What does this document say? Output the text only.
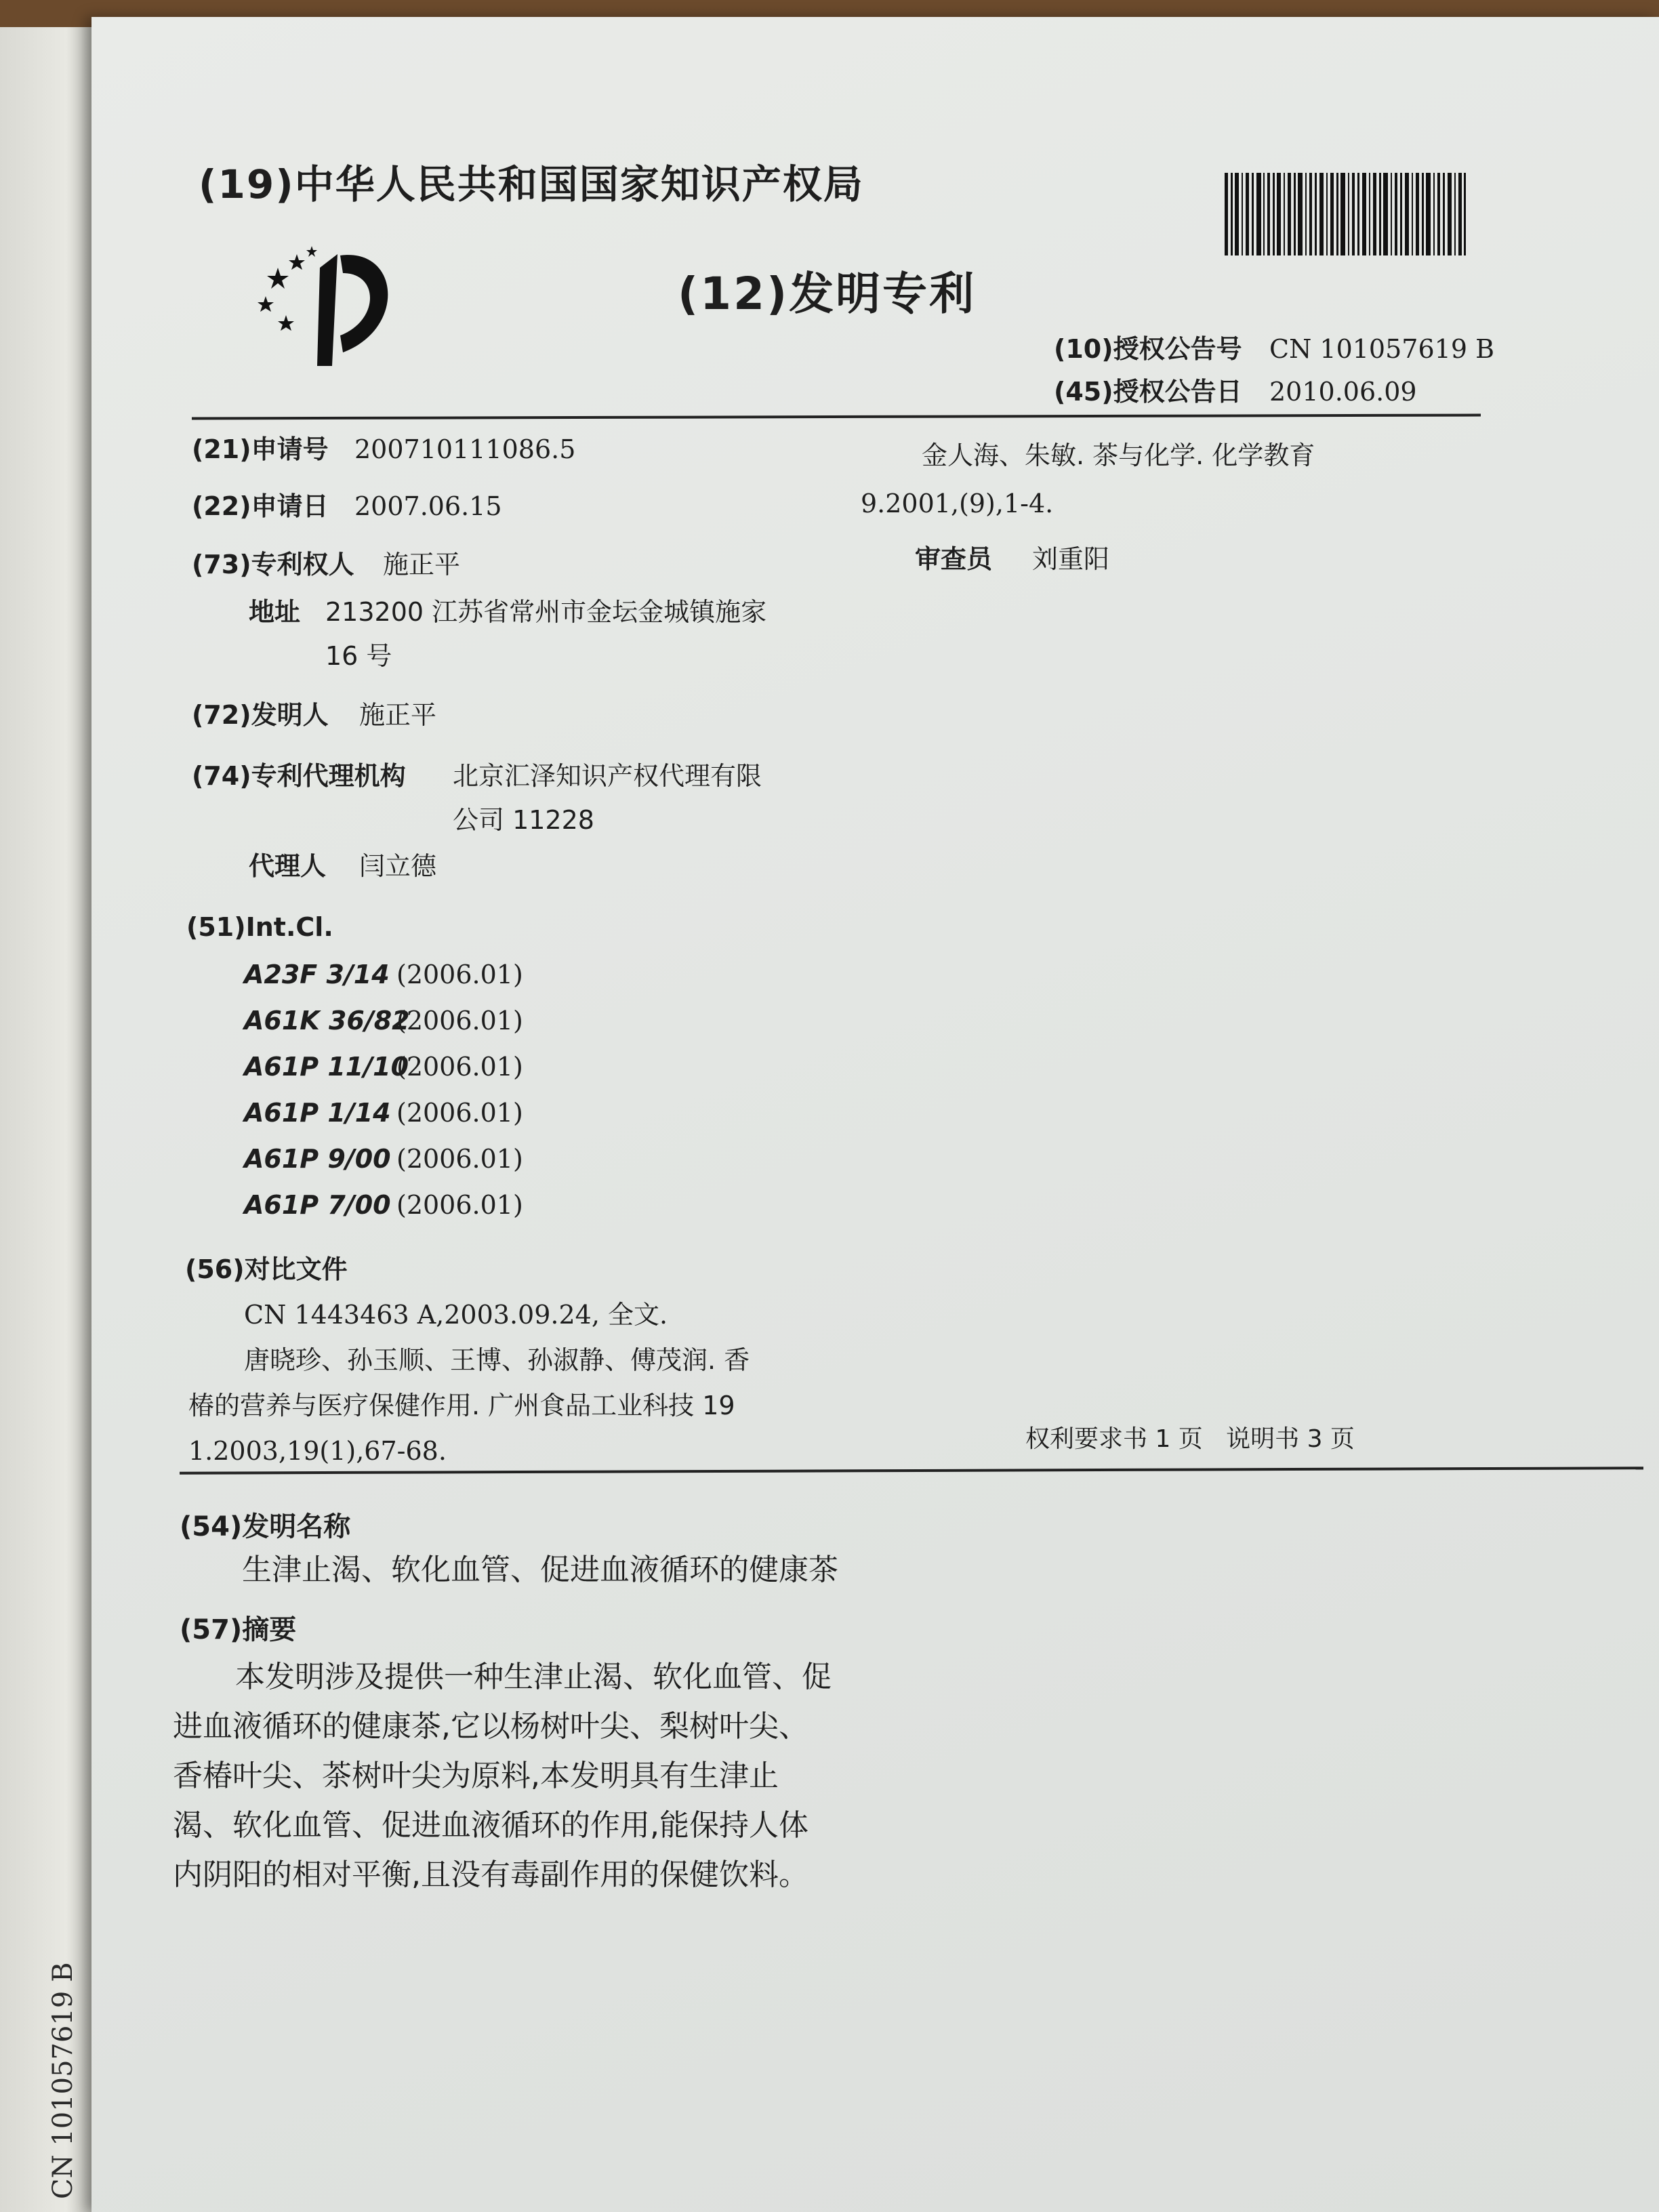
(19)中华人民共和国国家知识产权局
(12)发明专利
(10)授权公告号 CN 101057619 B
(45)授权公告日 2010.06.09
(21)申请号 200710111086.5
(22)申请日 2007.06.15
(73)专利权人 施正平
地址 213200 江苏省常州市金坛金城镇施家
16 号
(72)发明人 施正平
(74)专利代理机构 北京汇泽知识产权代理有限
公司 11228
代理人 闫立德
(51)Int.Cl.
A23F 3/14 (2006.01)
A61K 36/82(2006.01)
A61P 11/10(2006.01)
A61P 1/14 (2006.01)
A61P 9/00 (2006.01)
A61P 7/00 (2006.01)
(56)对比文件
CN 1443463 A,2003.09.24, 全文.
唐晓珍、孙玉顺、王博、孙淑静、傅茂润. 香
椿的营养与医疗保健作用. 广州食品工业科技 19
1.2003,19(1),67-68.
金人海、朱敏. 茶与化学. 化学教育
9.2001,(9),1-4.
审查员 刘重阳
权利要求书 1 页   说明书 3 页
(54)发明名称
生津止渴、软化血管、促进血液循环的健康茶
(57)摘要
本发明涉及提供一种生津止渴、软化血管、促
进血液循环的健康茶,它以杨树叶尖、梨树叶尖、
香椿叶尖、茶树叶尖为原料,本发明具有生津止
渴、软化血管、促进血液循环的作用,能保持人体
内阴阳的相对平衡,且没有毒副作用的保健饮料。
CN 101057619 B
